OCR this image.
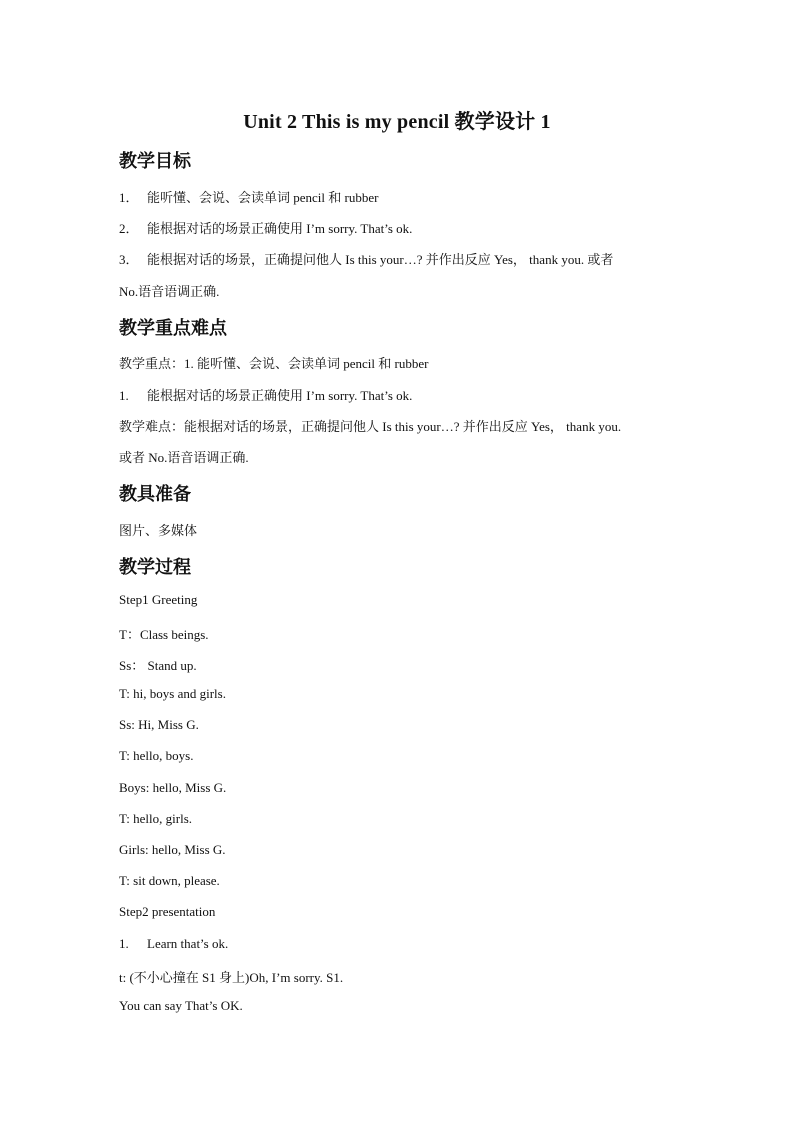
Unit 2 This is my pencil 教学设计 1
教学目标
1． 能听懂、会说、会读单词 pencil 和 rubber
2． 能根据对话的场景正确使用 I’m sorry. That’s ok.
3． 能根据对话的场景，正确提问他人 Is this your…? 并作出反应 Yes， thank you. 或者
No.语音语调正确.
教学重点难点
教学重点：1. 能听懂、会说、会读单词 pencil 和 rubber
1. 能根据对话的场景正确使用 I’m sorry. That’s ok.
教学难点：能根据对话的场景，正确提问他人 Is this your…? 并作出反应 Yes， thank you.
或者 No.语音语调正确.
教具准备
图片、多媒体
教学过程
Step1 Greeting
T：Class beings.
Ss： Stand up.
T: hi, boys and girls.
Ss: Hi, Miss G.
T: hello, boys.
Boys: hello, Miss G.
T: hello, girls.
Girls: hello, Miss G.
T: sit down, please.
Step2 presentation
1. Learn that’s ok.
t: (不小心撞在 S1 身上)Oh, I’m sorry. S1.
You can say That’s OK.
